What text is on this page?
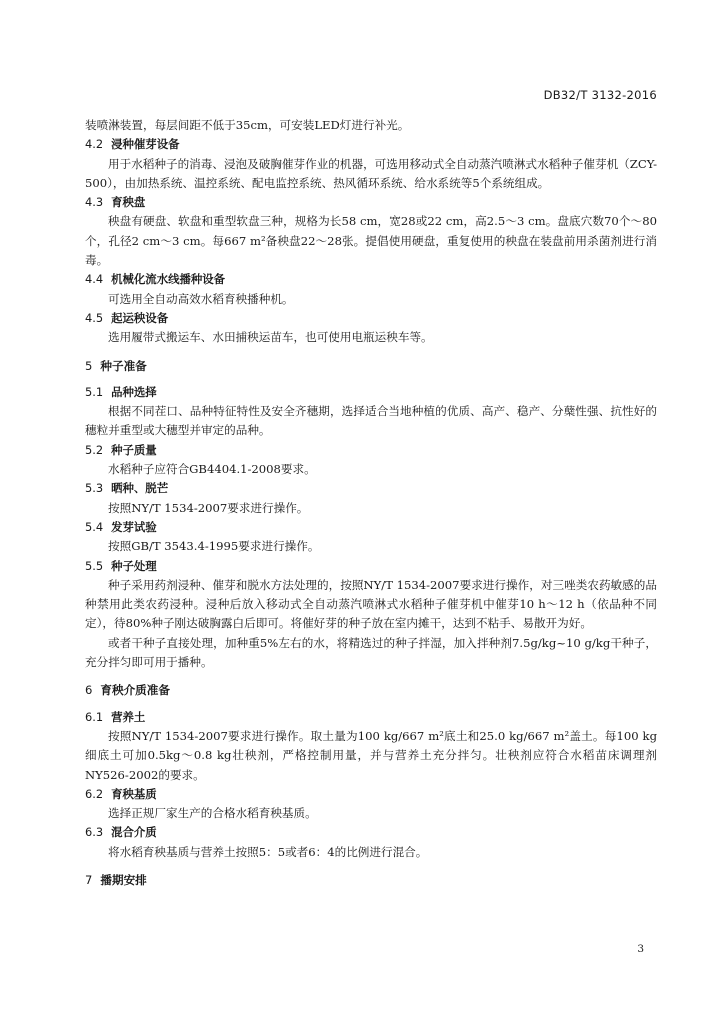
DB32/T 3132-2016

装喷淋装置，每层间距不低于35cm，可安装LED灯进行补光。

4.2 浸种催芽设备

用于水稻种子的消毒、浸泡及破胸催芽作业的机器，可选用移动式全自动蒸汽喷淋式水稻种子催芽机（ZCY-500），由加热系统、温控系统、配电监控系统、热风循环系统、给水系统等5个系统组成。

4.3 育秧盘

秧盘有硬盘、软盘和重型软盘三种，规格为长58 cm，宽28或22 cm，高2.5～3 cm。盘底穴数70个～80个，孔径2 cm～3 cm。每667 m²备秧盘22～28张。提倡使用硬盘，重复使用的秧盘在装盘前用杀菌剂进行消毒。

4.4 机械化流水线播种设备

可选用全自动高效水稻育秧播种机。

4.5 起运秧设备

选用履带式搬运车、水田捕秧运苗车，也可使用电瓶运秧车等。

5 种子准备
5.1 品种选择

根据不同茬口、品种特征特性及安全齐穗期，选择适合当地种植的优质、高产、稳产、分蘖性强、抗性好的穗粒并重型或大穗型并审定的品种。

5.2 种子质量

水稻种子应符合GB4404.1-2008要求。

5.3 晒种、脱芒

按照NY/T 1534-2007要求进行操作。

5.4 发芽试验

按照GB/T 3543.4-1995要求进行操作。

5.5 种子处理

种子采用药剂浸种、催芽和脱水方法处理的，按照NY/T 1534-2007要求进行操作，对三唑类农药敏感的品种禁用此类农药浸种。浸种后放入移动式全自动蒸汽喷淋式水稻种子催芽机中催芽10 h～12 h（依品种不同定），待80%种子刚达破胸露白后即可。将催好芽的种子放在室内摊干，达到不粘手、易散开为好。

或者干种子直接处理，加种重5%左右的水，将精选过的种子拌湿，加入拌种剂7.5g/kg~10 g/kg干种子，充分拌匀即可用于播种。

6 育秧介质准备
6.1 营养土

按照NY/T 1534-2007要求进行操作。取土量为100 kg/667 m²底土和25.0 kg/667 m²盖土。每100 kg 细底土可加0.5kg～0.8 kg壮秧剂，严格控制用量，并与营养土充分拌匀。壮秧剂应符合水稻苗床调理剂NY526-2002的要求。

6.2 育秧基质

选择正规厂家生产的合格水稻育秧基质。

6.3 混合介质

将水稻育秧基质与营养土按照5：5或者6：4的比例进行混合。

7 播期安排
3
